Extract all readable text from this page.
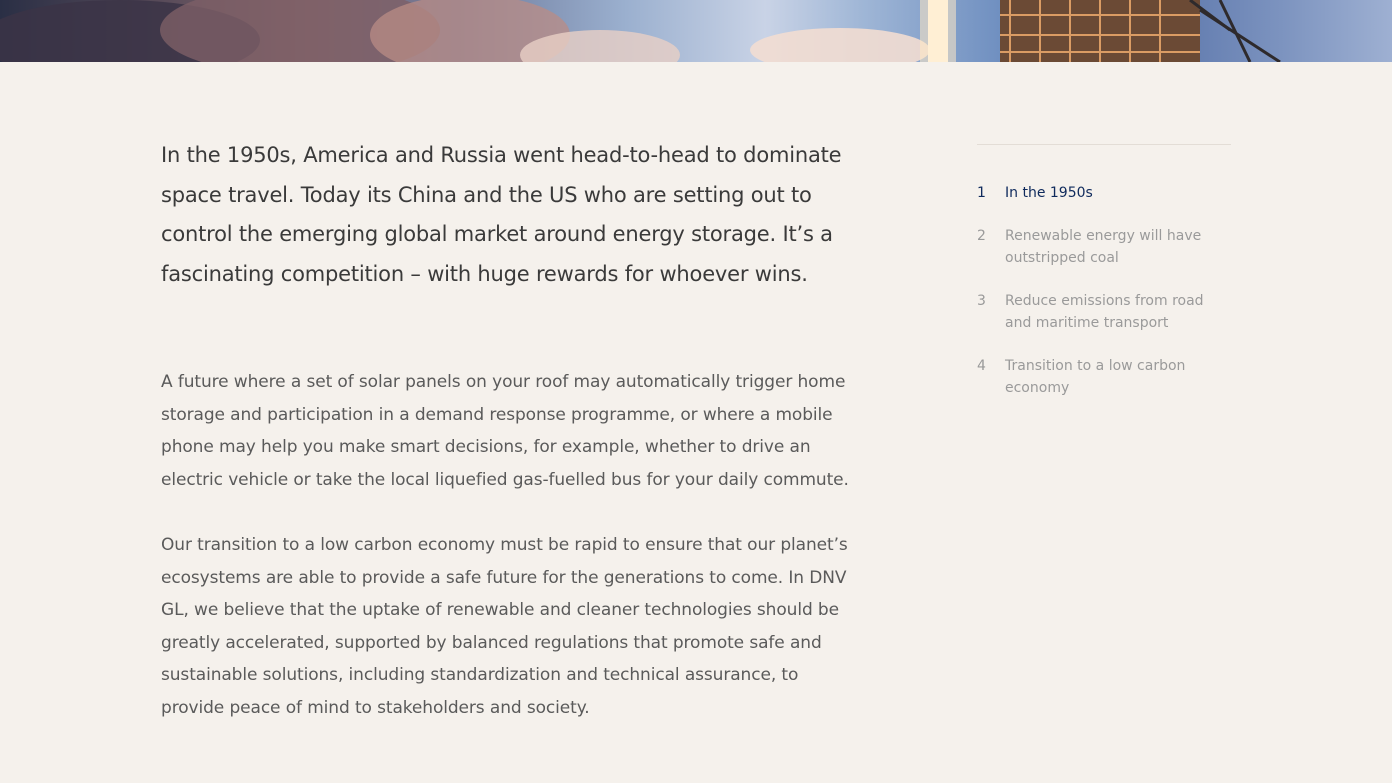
In the 1950s, America and Russia went head-to-head to dominate space travel. Today its China and the US who are setting out to control the emerging global market around energy storage. It’s a fascinating competition – with huge rewards for whoever wins.

A future where a set of solar panels on your roof may automatically trigger home storage and participation in a demand response programme, or where a mobile phone may help you make smart decisions, for example, whether to drive an electric vehicle or take the local liquefied gas-fuelled bus for your daily commute.

Our transition to a low carbon economy must be rapid to ensure that our planet’s ecosystems are able to provide a safe future for the generations to come. In DNV GL, we believe that the uptake of renewable and cleaner technologies should be greatly accelerated, supported by balanced regulations that promote safe and sustainable solutions, including standardization and technical assurance, to provide peace of mind to stakeholders and society.

1	In the 1950s
2	Renewable energy will have outstripped coal
3	Reduce emissions from road and maritime transport
4	Transition to a low carbon economy
